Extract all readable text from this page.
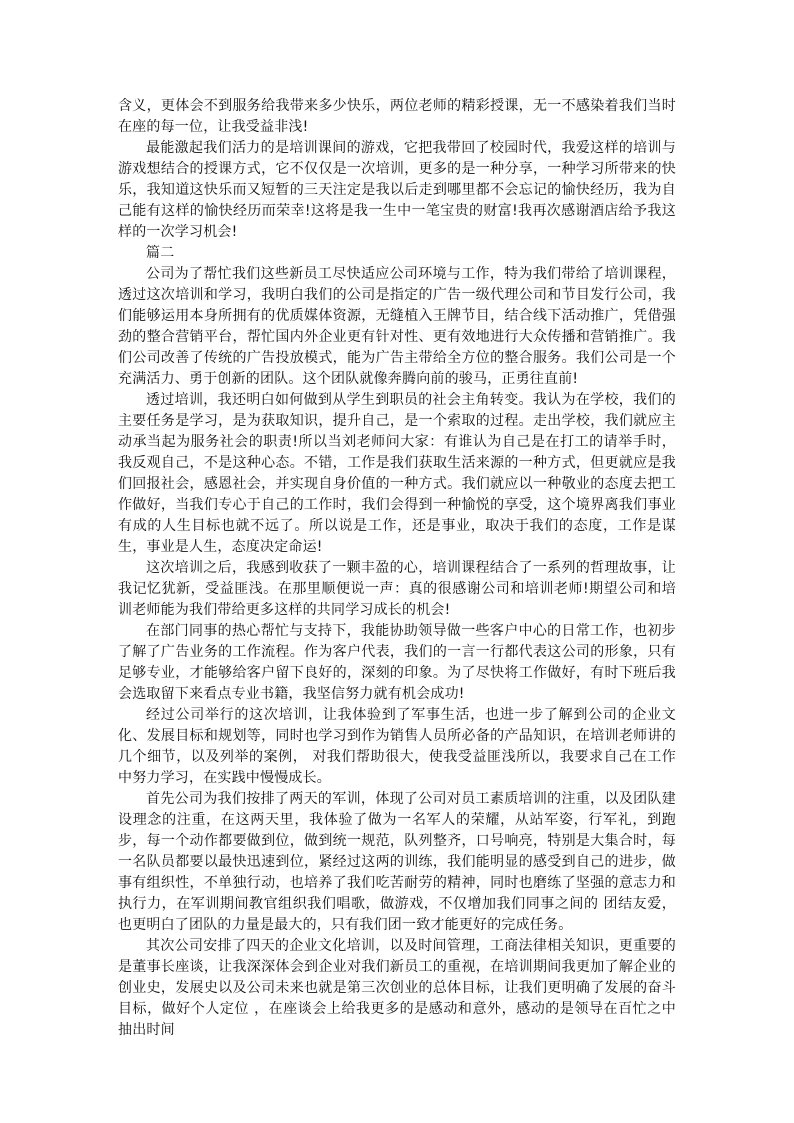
含义，更体会不到服务给我带来多少快乐，两位老师的精彩授课，无一不感染着我们当时在座的每一位，让我受益非浅!

最能激起我们活力的是培训课间的游戏，它把我带回了校园时代，我爱这样的培训与游戏想结合的授课方式，它不仅仅是一次培训，更多的是一种分享，一种学习所带来的快乐，我知道这快乐而又短暂的三天注定是我以后走到哪里都不会忘记的愉快经历，我为自己能有这样的愉快经历而荣幸!这将是我一生中一笔宝贵的财富!我再次感谢酒店给予我这样的一次学习机会!

篇二

公司为了帮忙我们这些新员工尽快适应公司环境与工作，特为我们带给了培训课程，透过这次培训和学习，我明白我们的公司是指定的广告一级代理公司和节目发行公司，我们能够运用本身所拥有的优质媒体资源，无缝植入王牌节目，结合线下活动推广，凭借强劲的整合营销平台，帮忙国内外企业更有针对性、更有效地进行大众传播和营销推广。我们公司改善了传统的广告投放模式，能为广告主带给全方位的整合服务。我们公司是一个充满活力、勇于创新的团队。这个团队就像奔腾向前的骏马，正勇往直前!

透过培训，我还明白如何做到从学生到职员的社会主角转变。我认为在学校，我们的主要任务是学习，是为获取知识，提升自己，是一个索取的过程。走出学校，我们就应主动承当起为服务社会的职责!所以当刘老师问大家：有谁认为自己是在打工的请举手时，我反观自己，不是这种心态。不错，工作是我们获取生活来源的一种方式，但更就应是我们回报社会，感恩社会，并实现自身价值的一种方式。我们就应以一种敬业的态度去把工作做好，当我们专心于自己的工作时，我们会得到一种愉悦的享受，这个境界离我们事业有成的人生目标也就不远了。所以说是工作，还是事业，取决于我们的态度，工作是谋生，事业是人生，态度决定命运!

这次培训之后，我感到收获了一颗丰盈的心，培训课程结合了一系列的哲理故事，让我记忆犹新，受益匪浅。在那里顺便说一声：真的很感谢公司和培训老师!期望公司和培训老师能为我们带给更多这样的共同学习成长的机会!

在部门同事的热心帮忙与支持下，我能协助领导做一些客户中心的日常工作，也初步了解了广告业务的工作流程。作为客户代表，我们的一言一行都代表这公司的形象，只有足够专业，才能够给客户留下良好的，深刻的印象。为了尽快将工作做好，有时下班后我会选取留下来看点专业书籍，我坚信努力就有机会成功!

经过公司举行的这次培训，让我体验到了军事生活，也进一步了解到公司的企业文化、发展目标和规划等，同时也学习到作为销售人员所必备的产品知识，在培训老师讲的几个细节，以及列举的案例， 对我们帮助很大，使我受益匪浅所以，我要求自己在工作中努力学习，在实践中慢慢成长。

首先公司为我们按排了两天的军训，体现了公司对员工素质培训的注重，以及团队建设理念的注重，在这两天里，我体验了做为一名军人的荣耀，从站军姿，行军礼，到跑步，每一个动作都要做到位，做到统一规范，队列整齐，口号响亮，特别是大集合时，每一名队员都要以最快迅速到位，紧经过这两的训练，我们能明显的感受到自己的进步，做事有组织性，不单独行动，也培养了我们吃苦耐劳的精神，同时也磨练了坚强的意志力和执行力，在军训期间教官组织我们唱歌，做游戏，不仅增加我们同事之间的 团结友爱，也更明白了团队的力量是最大的，只有我们团一致才能更好的完成任务。

其次公司安排了四天的企业文化培训，以及时间管理，工商法律相关知识，更重要的是董事长座谈，让我深深体会到企业对我们新员工的重视，在培训期间我更加了解企业的创业史，发展史以及公司未来也就是第三次创业的总体目标，让我们更明确了发展的奋斗目标，做好个人定位 ，在座谈会上给我更多的是感动和意外，感动的是领导在百忙之中抽出时间
